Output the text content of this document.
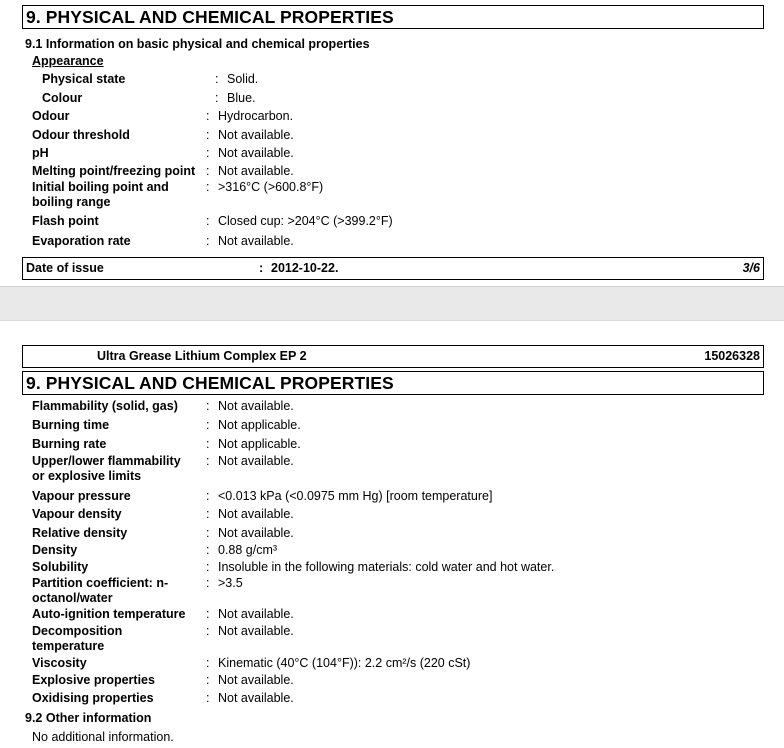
9. PHYSICAL AND CHEMICAL PROPERTIES
9.1 Information on basic physical and chemical properties
Appearance
Physical state	: Solid.
Colour	: Blue.
Odour	: Hydrocarbon.
Odour threshold	: Not available.
pH	: Not available.
Melting point/freezing point : Not available.
Initial boiling point and boiling range
: >316°C (>600.8°F)
Flash point	: Closed cup: >204°C (>399.2°F)
Evaporation rate	: Not available.
Date of issue	: 2012-10-22.	3/6
Ultra Grease Lithium Complex EP 2	15026328
9. PHYSICAL AND CHEMICAL PROPERTIES
Flammability (solid, gas)	: Not available.
Burning time	: Not applicable.
Burning rate	: Not applicable.
Upper/lower flammability or explosive limits
: Not available.
Vapour pressure	: <0.013 kPa (<0.0975 mm Hg) [room temperature]
Vapour density	: Not available.
Relative density	: Not available.
Density	: 0.88 g/cm³
Solubility	: Insoluble in the following materials: cold water and hot water.
Partition coefficient: n-octanol/water
: >3.5
Auto-ignition temperature	: Not available.
Decomposition temperature
: Not available.
Viscosity	: Kinematic (40°C (104°F)): 2.2 cm²/s (220 cSt)
Explosive properties	: Not available.
Oxidising properties	: Not available.
9.2 Other information
No additional information.
